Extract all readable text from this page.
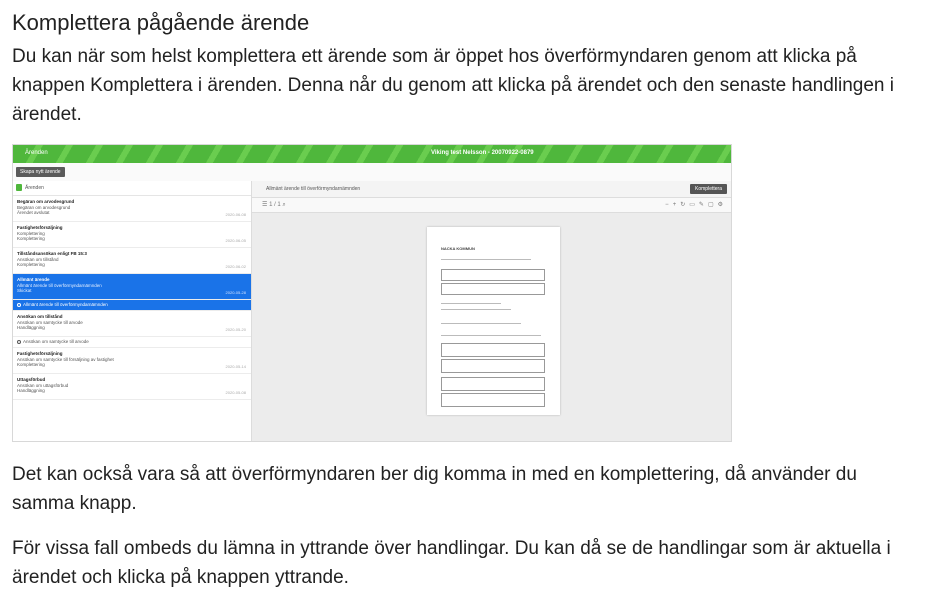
Komplettera pågående ärende

Du kan när som helst komplettera ett ärende som är öppet hos överförmyndaren genom att klicka på knappen Komplettera i ärenden. Denna når du genom att klicka på ärendet och den senaste handlingen i ärendet.

Ärenden	Viking test Nelsson - 20070922-0879
Skapa nytt ärende
Ärenden
Begäran om arvodesgrund
Begäran om arvodesgrund
Ärendet avslutat	2020-06-08
Fastighetsförsäljning
Komplettering
Komplettering	2020-06-05
Tillståndsansökan enligt FB 15:3
Ansökan om tillstånd
Komplettering	2020-06-02
Allmänt ärende
Allmänt ärende till överförmyndarnämnden
Skickat	2020-05-28
Allmänt ärende till överförmyndarnämnden
Ansökan om tillstånd
Ansökan om samtycke till arvode
Handläggning	2020-05-20
Ansökan om samtycke till arvode
Fastighetsförsäljning
Ansökan om samtycke till försäljning av fastighet
Komplettering	2020-05-14
Uttagsförbud
Ansökan om uttagsförbud
Handläggning	2020-05-08
Allmänt ärende till överförmyndarnämnden	Komplettera
☰ 1 / 1 ⌕	−+↻▭✎▢⚙
NACKA KOMMUN

Det kan också vara så att överförmyndaren ber dig komma in med en komplettering, då använder du samma knapp.

För vissa fall ombeds du lämna in yttrande över handlingar. Du kan då se de handlingar som är aktuella i ärendet och klicka på knappen yttrande.
